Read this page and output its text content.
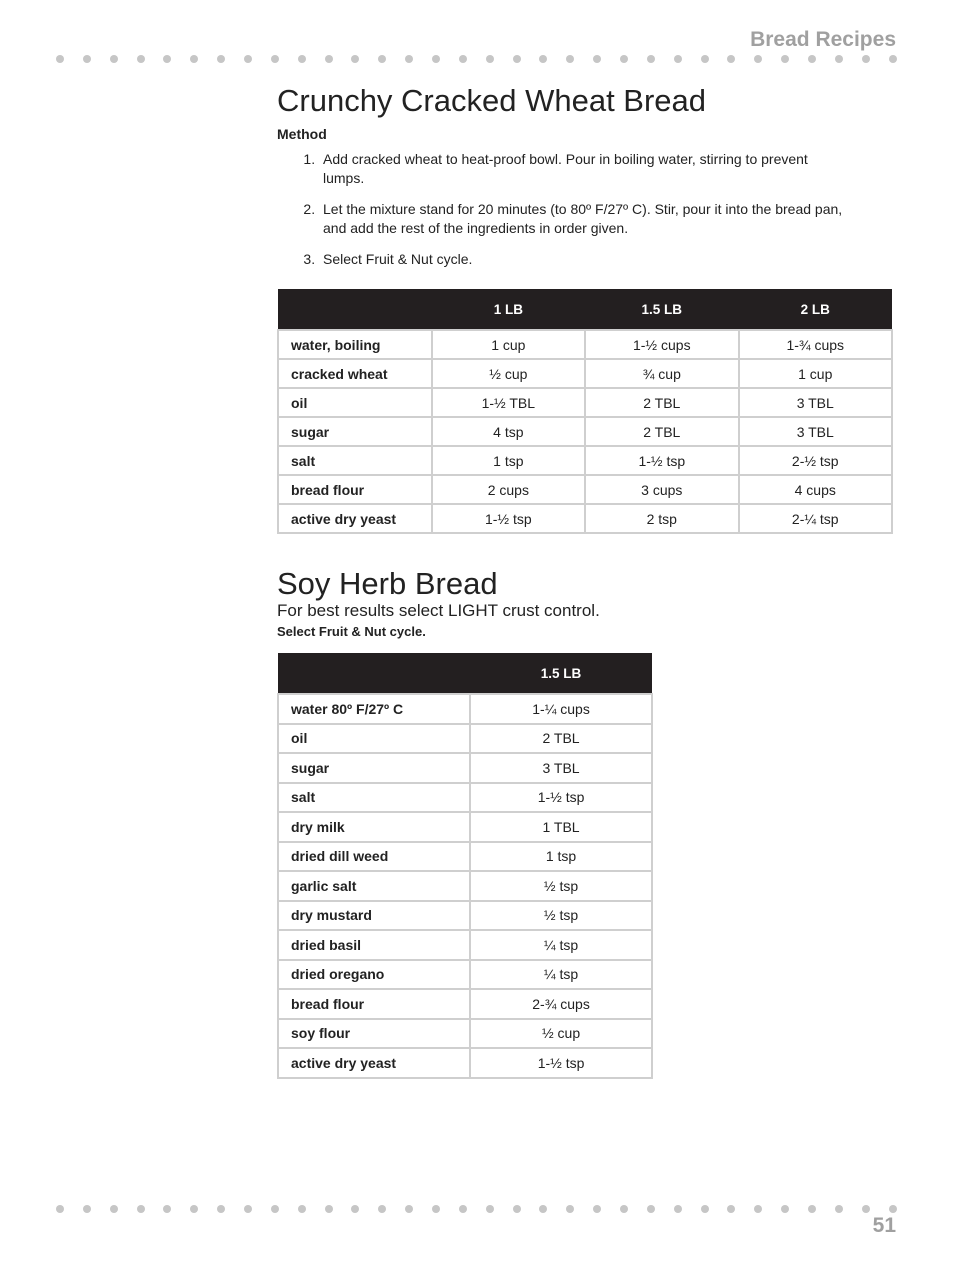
Bread Recipes
Crunchy Cracked Wheat Bread
Method
1 . Add cracked wheat to heat-proof bowl. Pour in boiling water, stirring to prevent lumps.
2 . Let the mixture stand for 20 minutes (to 80º F/27º C). Stir, pour it into the bread pan, and add the rest of the ingredients in order given.
3 . Select Fruit & Nut cycle.
	1 LB	1.5 LB	2 LB
water, boiling	1 cup	1-½ cups	1-¾ cups
cracked wheat	½ cup	¾ cup	1 cup
oil	1-½ TBL	2 TBL	3 TBL
sugar	4 tsp	2 TBL	3 TBL
salt	1 tsp	1-½ tsp	2-½ tsp
bread flour	2 cups	3 cups	4 cups
active dry yeast	1-½ tsp	2 tsp	2-¼ tsp
Soy Herb Bread
For best results select LIGHT crust control.
Select Fruit & Nut cycle.
	1.5 LB
water 80º F/27º C	1-¼ cups
oil	2 TBL
sugar	3 TBL
salt	1-½ tsp
dry milk	1 TBL
dried dill weed	1 tsp
garlic salt	½ tsp
dry mustard	½ tsp
dried basil	¼ tsp
dried oregano	¼ tsp
bread flour	2-¾ cups
soy flour	½ cup
active dry yeast	1-½ tsp
51
